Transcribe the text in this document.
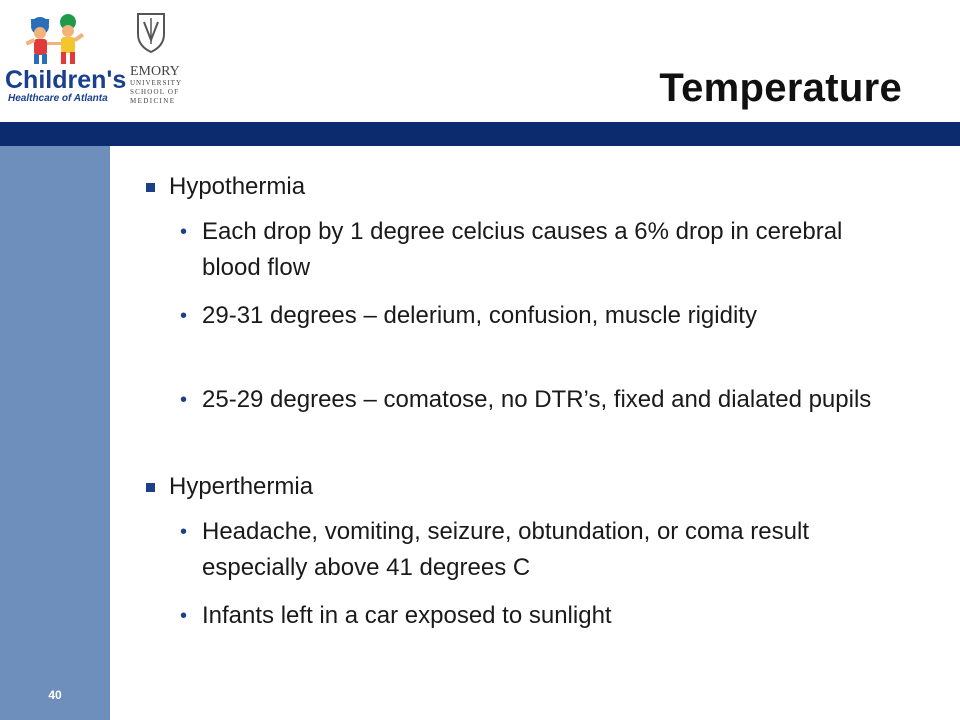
Children's
Healthcare of Atlanta
EMORY
UNIVERSITY
SCHOOL OF
MEDICINE	Temperature
40
Hypothermia
• Each drop by 1 degree celcius causes a 6% drop in cerebral blood flow
• 29-31 degrees – delerium, confusion, muscle rigidity
• 25-29 degrees – comatose, no DTR’s, fixed and dialated pupils
Hyperthermia
• Headache, vomiting, seizure, obtundation, or coma result especially above 41 degrees C
• Infants left in a car exposed to sunlight
